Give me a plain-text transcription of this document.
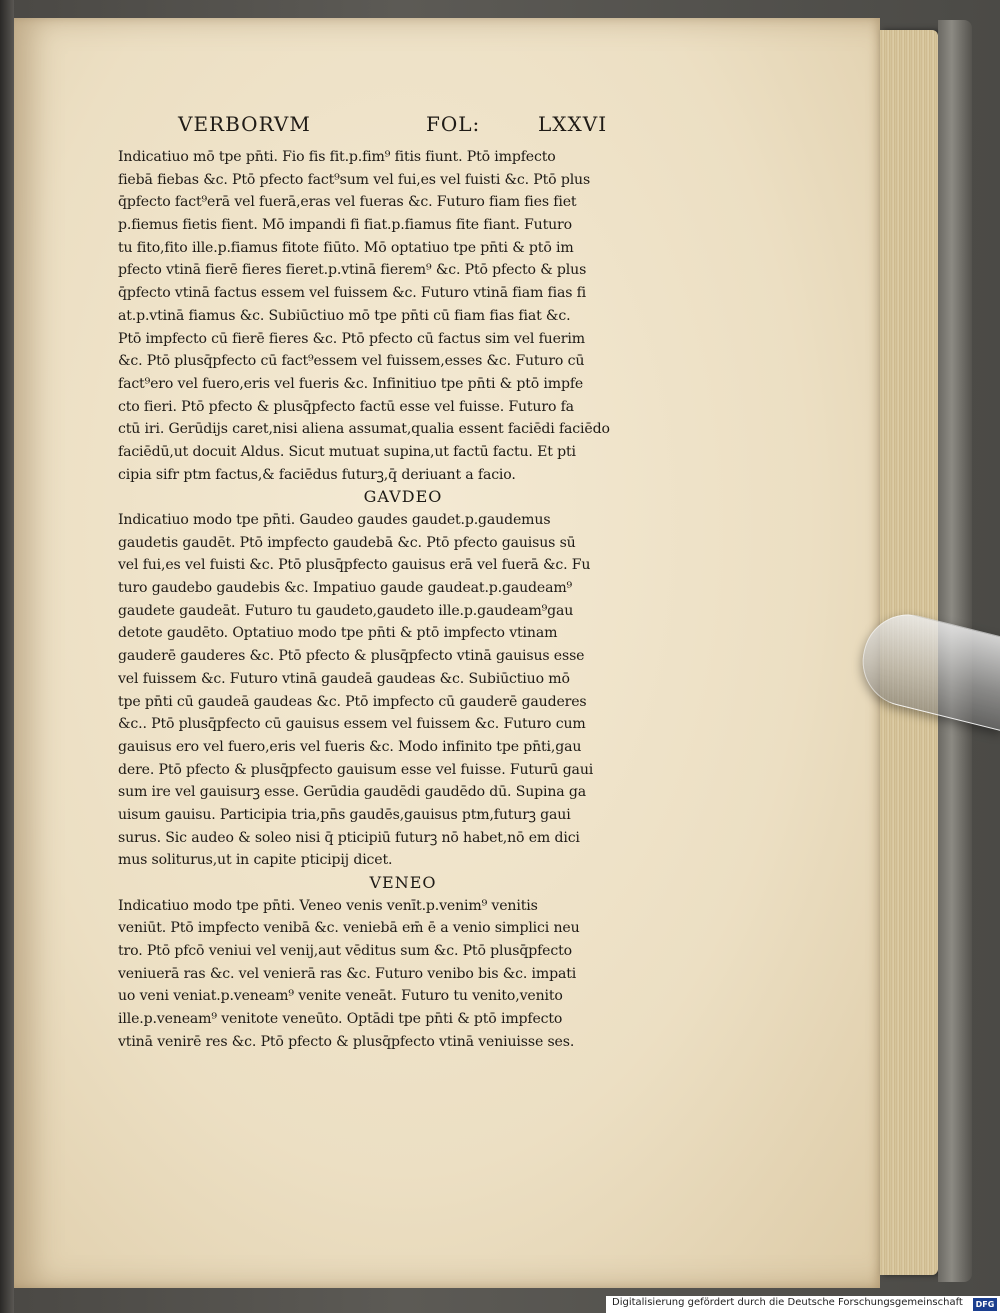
VERBORVM	FOL:	LXXVI
Indicatiuo mō tpe pn̄ti. Fio fis fit.p.fim⁹ fitis fiunt. Ptō impfecto
fiebā fiebas &c. Ptō pfecto fact⁹sum vel fui,es vel fuisti &c. Ptō plus
q̄pfecto fact⁹erā vel fuerā,eras vel fueras &c. Futuro fiam fies fiet
p.fiemus fietis fient. Mō impandi fi fiat.p.fiamus fite fiant. Futuro
tu fito,fito ille.p.fiamus fitote fiūto. Mō optatiuo tpe pn̄ti & ptō im
pfecto vtinā fierē fieres fieret.p.vtinā fierem⁹ &c. Ptō pfecto & plus
q̄pfecto vtinā factus essem vel fuissem &c. Futuro vtinā fiam fias fi
at.p.vtinā fiamus &c. Subiūctiuo mō tpe pn̄ti cū fiam fias fiat &c.
Ptō impfecto cū fierē fieres &c. Ptō pfecto cū factus sim vel fuerim
&c. Ptō plusq̄pfecto cū fact⁹essem vel fuissem,esses &c. Futuro cū
fact⁹ero vel fuero,eris vel fueris &c. Infinitiuo tpe pn̄ti & ptō impfe
cto fieri. Ptō pfecto & plusq̄pfecto factū esse vel fuisse. Futuro fa
ctū iri. Gerūdijs caret,nisi aliena assumat,qualia essent faciēdi faciēdo
faciēdū,ut docuit Aldus. Sicut mutuat supina,ut factū factu. Et pti
cipia sifr ptm factus,& faciēdus futurꝫ,q̄ deriuant a facio.
GAVDEO
Indicatiuo modo tpe pn̄ti. Gaudeo gaudes gaudet.p.gaudemus
gaudetis gaudēt. Ptō impfecto gaudebā &c. Ptō pfecto gauisus sū
vel fui,es vel fuisti &c. Ptō plusq̄pfecto gauisus erā vel fuerā &c. Fu
turo gaudebo gaudebis &c. Impatiuo gaude gaudeat.p.gaudeam⁹
gaudete gaudeāt. Futuro tu gaudeto,gaudeto ille.p.gaudeam⁹gau
detote gaudēto. Optatiuo modo tpe pn̄ti & ptō impfecto vtinam
gauderē gauderes &c. Ptō pfecto & plusq̄pfecto vtinā gauisus esse
vel fuissem &c. Futuro vtinā gaudeā gaudeas &c. Subiūctiuo mō
tpe pn̄ti cū gaudeā gaudeas &c. Ptō impfecto cū gauderē gauderes
&c.. Ptō plusq̄pfecto cū gauisus essem vel fuissem &c. Futuro cum
gauisus ero vel fuero,eris vel fueris &c. Modo infinito tpe pn̄ti,gau
dere. Ptō pfecto & plusq̄pfecto gauisum esse vel fuisse. Futurū gaui
sum ire vel gauisurꝫ esse. Gerūdia gaudēdi gaudēdo dū. Supina ga
uisum gauisu. Participia tria,pn̄s gaudēs,gauisus ptm,futurꝫ gaui
surus. Sic audeo & soleo nisi q̄ pticipiū futurꝫ nō habet,nō em dici
mus soliturus,ut in capite pticipij dicet.
VENEO
Indicatiuo modo tpe pn̄ti. Veneo venis venīt.p.venim⁹ venitis
veniūt. Ptō impfecto venibā &c. veniebā em̄ ē a venio simplici neu
tro. Ptō pfcō veniui vel venij,aut vēditus sum &c. Ptō plusq̄pfecto
veniuerā ras &c. vel venierā ras &c. Futuro venibo bis &c. impati
uo veni veniat.p.veneam⁹ venite veneāt. Futuro tu venito,venito
ille.p.veneam⁹ venitote veneūto. Optādi tpe pn̄ti & ptō impfecto
vtinā venirē res &c. Ptō pfecto & plusq̄pfecto vtinā veniuisse ses.
Digitalisierung gefördert durch die Deutsche Forschungsgemeinschaft	DFG
